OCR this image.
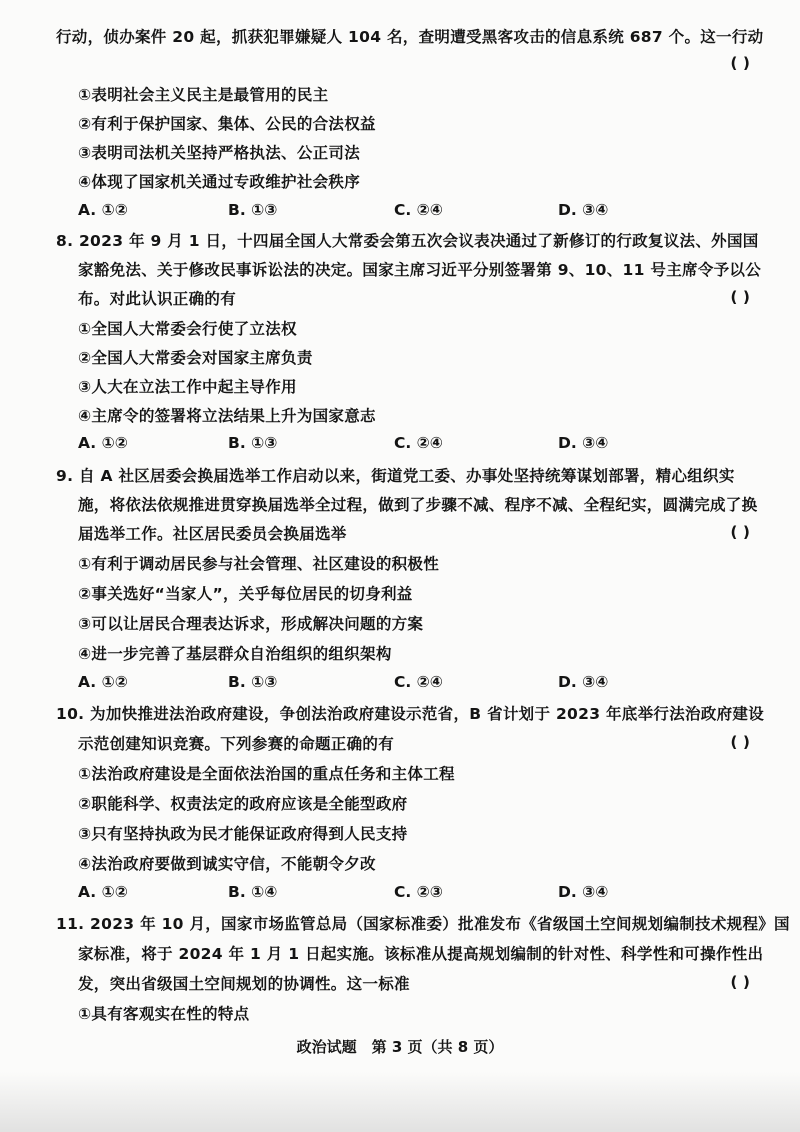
行动，侦办案件 20 起，抓获犯罪嫌疑人 104 名，查明遭受黑客攻击的信息系统 687 个。这一行动
( )
①表明社会主义民主是最管用的民主
②有利于保护国家、集体、公民的合法权益
③表明司法机关坚持严格执法、公正司法
④体现了国家机关通过专政维护社会秩序
A. ①②	B. ①③	C. ②④	D. ③④
8. 2023 年 9 月 1 日，十四届全国人大常委会第五次会议表决通过了新修订的行政复议法、外国国
家豁免法、关于修改民事诉讼法的决定。国家主席习近平分别签署第 9、10、11 号主席令予以公
布。对此认识正确的有	( )
①全国人大常委会行使了立法权
②全国人大常委会对国家主席负责
③人大在立法工作中起主导作用
④主席令的签署将立法结果上升为国家意志
A. ①②	B. ①③	C. ②④	D. ③④
9. 自 A 社区居委会换届选举工作启动以来，街道党工委、办事处坚持统筹谋划部署，精心组织实
施，将依法依规推进贯穿换届选举全过程，做到了步骤不减、程序不减、全程纪实，圆满完成了换
届选举工作。社区居民委员会换届选举	( )
①有利于调动居民参与社会管理、社区建设的积极性
②事关选好“当家人”，关乎每位居民的切身利益
③可以让居民合理表达诉求，形成解决问题的方案
④进一步完善了基层群众自治组织的组织架构
A. ①②	B. ①③	C. ②④	D. ③④
10. 为加快推进法治政府建设，争创法治政府建设示范省，B 省计划于 2023 年底举行法治政府建设
示范创建知识竞赛。下列参赛的命题正确的有	( )
①法治政府建设是全面依法治国的重点任务和主体工程
②职能科学、权责法定的政府应该是全能型政府
③只有坚持执政为民才能保证政府得到人民支持
④法治政府要做到诚实守信，不能朝令夕改
A. ①②	B. ①④	C. ②③	D. ③④
11. 2023 年 10 月，国家市场监管总局（国家标准委）批准发布《省级国土空间规划编制技术规程》国
家标准，将于 2024 年 1 月 1 日起实施。该标准从提高规划编制的针对性、科学性和可操作性出
发，突出省级国土空间规划的协调性。这一标准	( )
①具有客观实在性的特点
政治试题　第 3 页（共 8 页）
